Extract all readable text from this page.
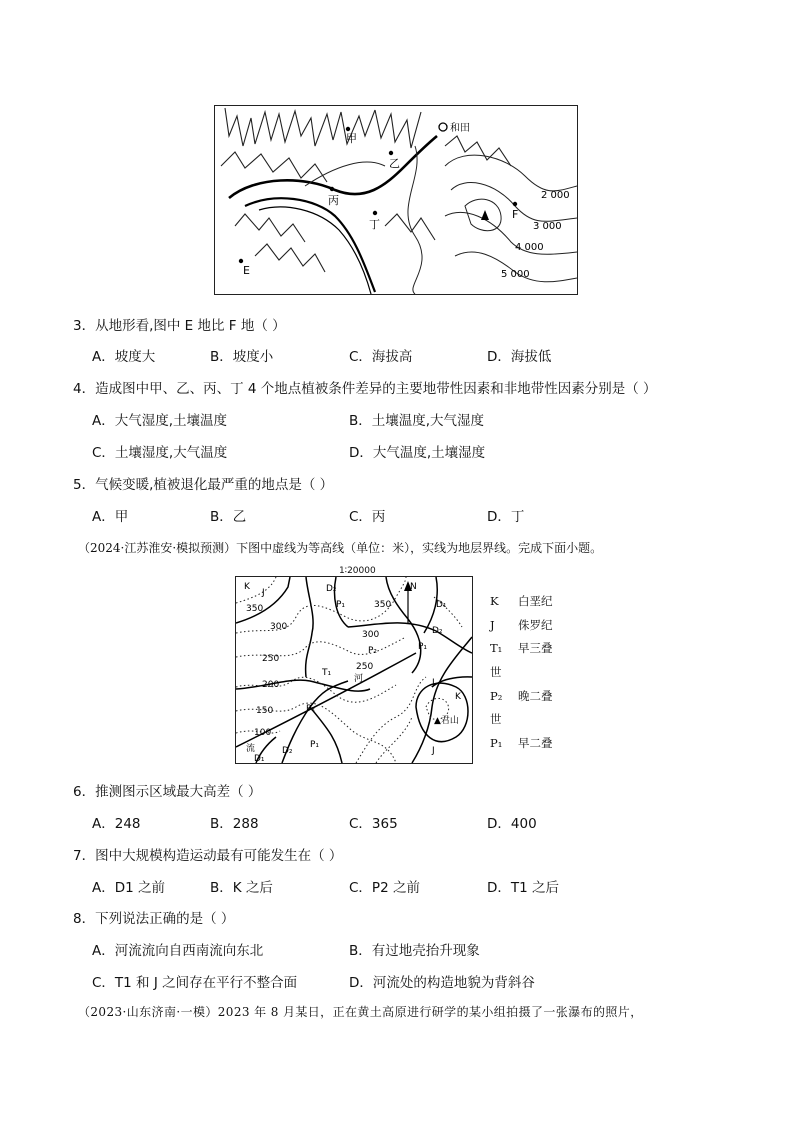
甲
乙
丙
丁
和田
E
F
2 000
3 000
4 000
5 000
3．从地形看,图中 E 地比 F 地（ ）
A．坡度大	B．坡度小	C．海拔高	D．海拔低
4．造成图中甲、乙、丙、丁 4 个地点植被条件差异的主要地带性因素和非地带性因素分别是（ ）
A．大气湿度,土壤温度	B．土壤温度,大气湿度
C．土壤湿度,大气温度	D．大气温度,土壤湿度
5．气候变暖,植被退化最严重的地点是（ ）
A．甲	B．乙	C．丙	D．丁
（2024·江苏淮安·模拟预测）下图中虚线为等高线（单位：米），实线为地层界线。完成下面小题。
K
J	D₂
P₁	D₁
D₂
P₂	P₁
T₁
J
K
P₂
P₁
D₂
D₁
J
河
流
▲君山
N
350	350
300
300
250
250
200
150
100
1∶20000
K 白垩纪
J 侏罗纪
T₁ 早三叠
世
P₂ 晚二叠
世
P₁ 早二叠
6．推测图示区域最大高差（ ）
A．248	B．288	C．365	D．400
7．图中大规模构造运动最有可能发生在（ ）
A．D1 之前	B．K 之后	C．P2 之前	D．T1 之后
8．下列说法正确的是（ ）
A．河流流向自西南流向东北	B．有过地壳抬升现象
C．T1 和 J 之间存在平行不整合面	D．河流处的构造地貌为背斜谷
（2023·山东济南·一模）2023 年 8 月某日，正在黄土高原进行研学的某小组拍摄了一张瀑布的照片，
